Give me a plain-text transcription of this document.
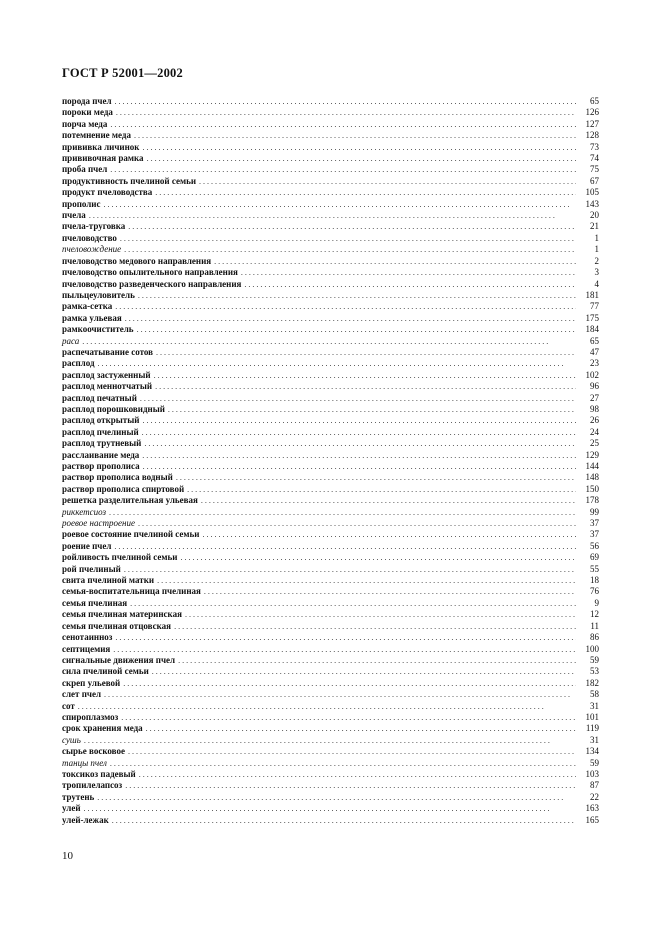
ГОСТ Р 52001—2002
порода пчел . . .	65
пороки меда . . .	126
порча меда . . .	127
потемнение меда . . .	128
прививка личинок . . .	73
прививочная рамка . . .	74
проба пчел . . .	75
продуктивность пчелиной семьи . . .	67
продукт пчеловодства . . .	105
прополис . . .	143
пчела . . .	20
пчела-труговка . . .	21
пчеловодство . . .	1
пчеловождение . . .	1
пчеловодство медового направления . . .	2
пчеловодство опылительного направления . . .	3
пчеловодство разведенческого направления . . .	4
пыльцеуловитель . . .	181
рамка-сетка . . .	77
рамка ульевая . . .	175
рамкоочиститель . . .	184
раса . . .	65
распечатывание сотов . . .	47
расплод . . .	23
расплод застуженный . . .	102
расплод меннотчатый . . .	96
расплод печатный . . .	27
расплод порошковидный . . .	98
расплод открытый . . .	26
расплод пчелиный . . .	24
расплод трутневый . . .	25
расслаивание меда . . .	129
раствор прополиса . . .	144
раствор прополиса водный . . .	148
раствор прополиса спиртовой . . .	150
решетка разделительная ульевая . . .	178
риккетсиоз . . .	99
роевое настроение . . .	37
роевое состояние пчелиной семьи . . .	37
роение пчел . . .	56
ройливость пчелиной семьи . . .	69
рой пчелиный . . .	55
свита пчелиной матки . . .	18
семья-воспитательница пчелиная . . .	76
семья пчелиная . . .	9
семья пчелиная материнская . . .	12
семья пчелиная отцовская . . .	11
сенотаинноз . . .	86
септицемия . . .	100
сигнальные движения пчел . . .	59
сила пчелиной семьи . . .	53
скреп ульевой . . .	182
слет пчел . . .	58
сот . . .	31
спироплазмоз . . .	101
срок хранения меда . . .	119
сушь . . .	31
сырье восковое . . .	134
танцы пчел . . .	59
токсикоз падевый . . .	103
тропилелапсоз . . .	87
трутень . . .	22
улей . . .	163
улей-лежак . . .	165
10
